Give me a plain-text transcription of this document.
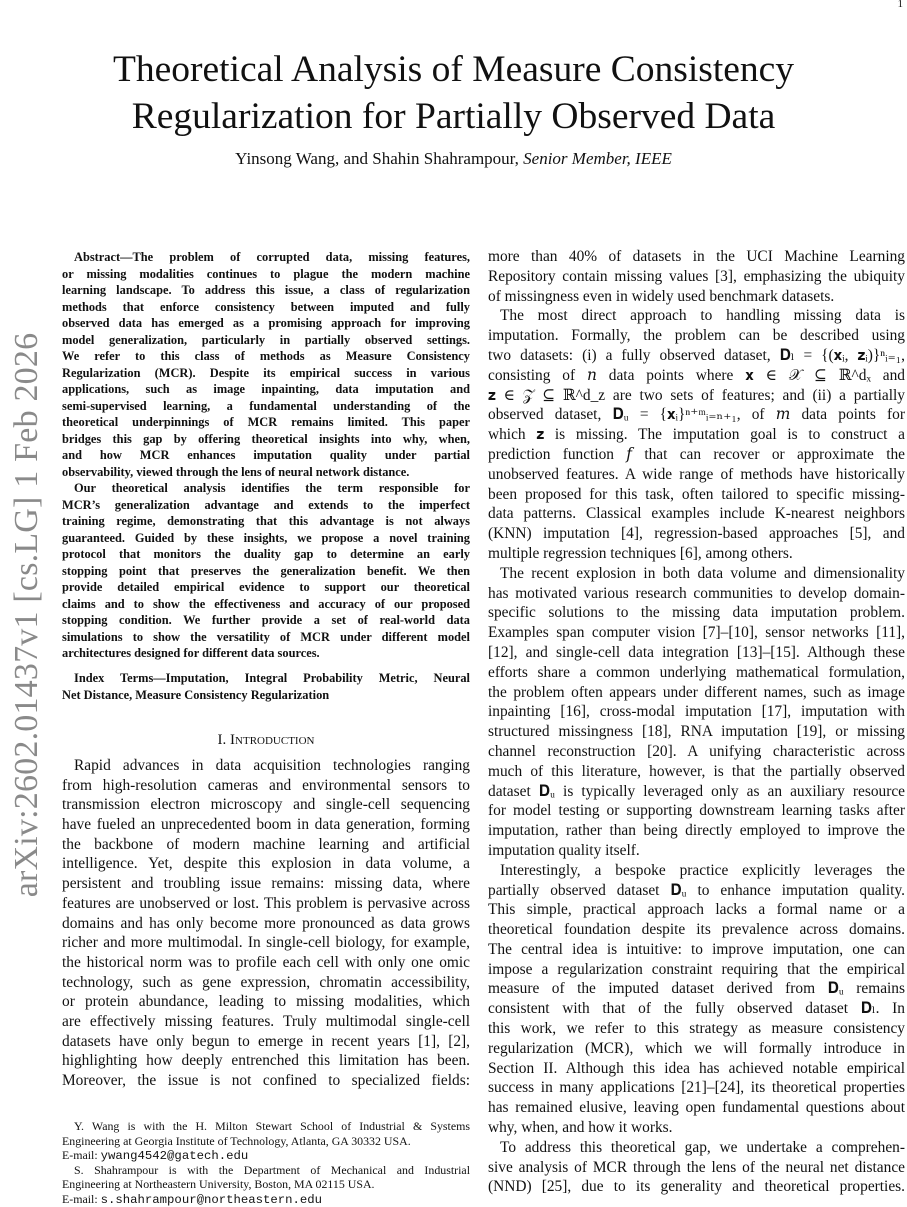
1
arXiv:2602.01437v1 [cs.LG] 1 Feb 2026
Theoretical Analysis of Measure Consistency
Regularization for Partially Observed Data
Yinsong Wang, and Shahin Shahrampour, Senior Member, IEEE
Abstract—The problem of corrupted data, missing features,
or missing modalities continues to plague the modern machine
learning landscape. To address this issue, a class of regularization
methods that enforce consistency between imputed and fully
observed data has emerged as a promising approach for improving
model generalization, particularly in partially observed settings.
We refer to this class of methods as Measure Consistency
Regularization (MCR). Despite its empirical success in various
applications, such as image inpainting, data imputation and
semi-supervised learning, a fundamental understanding of the
theoretical underpinnings of MCR remains limited. This paper
bridges this gap by offering theoretical insights into why, when,
and how MCR enhances imputation quality under partial
observability, viewed through the lens of neural network distance.
Our theoretical analysis identifies the term responsible for
MCR’s generalization advantage and extends to the imperfect
training regime, demonstrating that this advantage is not always
guaranteed. Guided by these insights, we propose a novel training
protocol that monitors the duality gap to determine an early
stopping point that preserves the generalization benefit. We then
provide detailed empirical evidence to support our theoretical
claims and to show the effectiveness and accuracy of our proposed
stopping condition. We further provide a set of real-world data
simulations to show the versatility of MCR under different model
architectures designed for different data sources.
Index Terms—Imputation, Integral Probability Metric, Neural
Net Distance, Measure Consistency Regularization
I. Introduction
Rapid advances in data acquisition technologies ranging
from high-resolution cameras and environmental sensors to
transmission electron microscopy and single-cell sequencing
have fueled an unprecedented boom in data generation, forming
the backbone of modern machine learning and artificial
intelligence. Yet, despite this explosion in data volume, a
persistent and troubling issue remains: missing data, where
features are unobserved or lost. This problem is pervasive across
domains and has only become more pronounced as data grows
richer and more multimodal. In single-cell biology, for example,
the historical norm was to profile each cell with only one omic
technology, such as gene expression, chromatin accessibility,
or protein abundance, leading to missing modalities, which
are effectively missing features. Truly multimodal single-cell
datasets have only begun to emerge in recent years [1], [2],
highlighting how deeply entrenched this limitation has been.
Moreover, the issue is not confined to specialized fields:
more than 40% of datasets in the UCI Machine Learning
Repository contain missing values [3], emphasizing the ubiquity
of missingness even in widely used benchmark datasets.
The most direct approach to handling missing data is
imputation. Formally, the problem can be described using
two datasets: (i) a fully observed dataset, 𝐃ₗ = {(𝐱ᵢ, 𝐳ᵢ)}ⁿᵢ₌₁,
consisting of 𝑛 data points where 𝐱 ∈ 𝒳 ⊆ ℝ^dₓ and
𝐳 ∈ 𝒵 ⊆ ℝ^d_z are two sets of features; and (ii) a partially
observed dataset, 𝐃ᵤ = {𝐱ᵢ}ⁿ⁺ᵐᵢ₌ₙ₊₁, of 𝑚 data points for
which 𝐳 is missing. The imputation goal is to construct a
prediction function 𝑓 that can recover or approximate the
unobserved features. A wide range of methods have historically
been proposed for this task, often tailored to specific missing-
data patterns. Classical examples include K-nearest neighbors
(KNN) imputation [4], regression-based approaches [5], and
multiple regression techniques [6], among others.
The recent explosion in both data volume and dimensionality
has motivated various research communities to develop domain-
specific solutions to the missing data imputation problem.
Examples span computer vision [7]–[10], sensor networks [11],
[12], and single-cell data integration [13]–[15]. Although these
efforts share a common underlying mathematical formulation,
the problem often appears under different names, such as image
inpainting [16], cross-modal imputation [17], imputation with
structured missingness [18], RNA imputation [19], or missing
channel reconstruction [20]. A unifying characteristic across
much of this literature, however, is that the partially observed
dataset 𝐃ᵤ is typically leveraged only as an auxiliary resource
for model testing or supporting downstream learning tasks after
imputation, rather than being directly employed to improve the
imputation quality itself.
Interestingly, a bespoke practice explicitly leverages the
partially observed dataset 𝐃ᵤ to enhance imputation quality.
This simple, practical approach lacks a formal name or a
theoretical foundation despite its prevalence across domains.
The central idea is intuitive: to improve imputation, one can
impose a regularization constraint requiring that the empirical
measure of the imputed dataset derived from 𝐃ᵤ remains
consistent with that of the fully observed dataset 𝐃ₗ. In
this work, we refer to this strategy as measure consistency
regularization (MCR), which we will formally introduce in
Section II. Although this idea has achieved notable empirical
success in many applications [21]–[24], its theoretical properties
has remained elusive, leaving open fundamental questions about
why, when, and how it works.
To address this theoretical gap, we undertake a comprehen-
sive analysis of MCR through the lens of the neural net distance
(NND) [25], due to its generality and theoretical properties.
Y. Wang is with the H. Milton Stewart School of Industrial & Systems
Engineering at Georgia Institute of Technology, Atlanta, GA 30332 USA.
E-mail: ywang4542@gatech.edu
S. Shahrampour is with the Department of Mechanical and Industrial
Engineering at Northeastern University, Boston, MA 02115 USA.
E-mail: s.shahrampour@northeastern.edu
